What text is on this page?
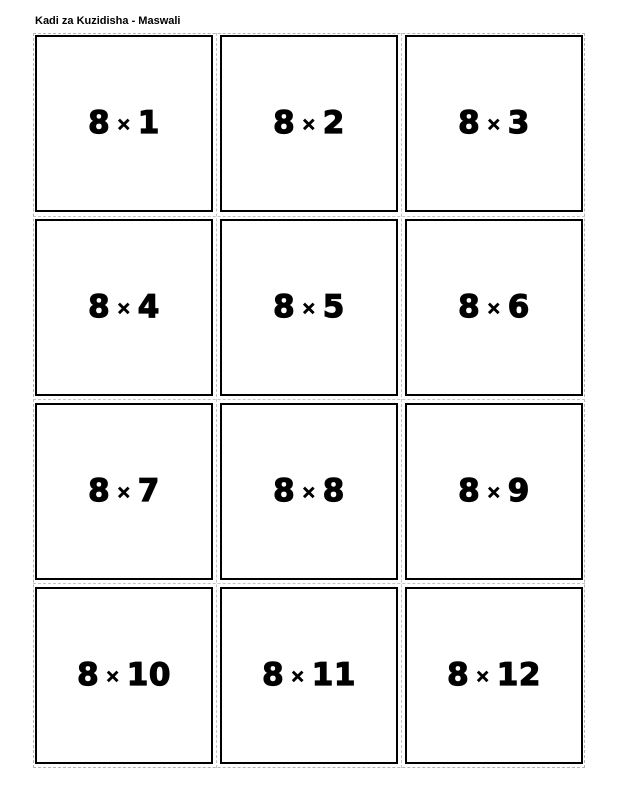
Kadi za Kuzidisha - Maswali
8 × 1	8 × 2	8 × 3
8 × 4	8 × 5	8 × 6
8 × 7	8 × 8	8 × 9
8 × 10	8 × 11	8 × 12
